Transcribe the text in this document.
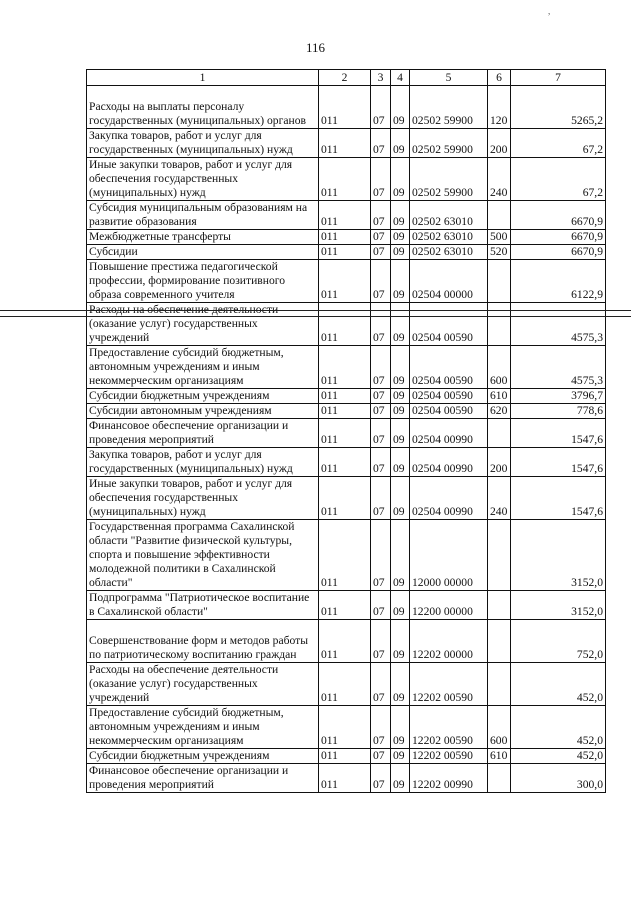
,
116
1	2	3	4	5	6	7
Расходы на выплаты персоналу государственных (муниципальных) органов	011	07	09	02502 59900	120	5265,2
Закупка товаров, работ и услуг для государственных (муниципальных) нужд	011	07	09	02502 59900	200	67,2
Иные закупки товаров, работ и услуг для обеспечения государственных (муниципальных) нужд	011	07	09	02502 59900	240	67,2
Субсидия муниципальным образованиям на развитие образования	011	07	09	02502 63010		6670,9
Межбюджетные трансферты	011	07	09	02502 63010	500	6670,9
Субсидии	011	07	09	02502 63010	520	6670,9
Повышение престижа педагогической профессии, формирование позитивного образа современного учителя	011	07	09	02504 00000		6122,9
Расходы на обеспечение деятельности (оказание услуг) государственных учреждений	011	07	09	02504 00590		4575,3
Предоставление субсидий бюджетным, автономным учреждениям и иным некоммерческим организациям	011	07	09	02504 00590	600	4575,3
Субсидии бюджетным учреждениям	011	07	09	02504 00590	610	3796,7
Субсидии автономным учреждениям	011	07	09	02504 00590	620	778,6
Финансовое обеспечение организации и проведения мероприятий	011	07	09	02504 00990		1547,6
Закупка товаров, работ и услуг для государственных (муниципальных) нужд	011	07	09	02504 00990	200	1547,6
Иные закупки товаров, работ и услуг для обеспечения государственных (муниципальных) нужд	011	07	09	02504 00990	240	1547,6
Государственная программа Сахалинской области "Развитие физической культуры, спорта и повышение эффективности молодежной политики в Сахалинской области"	011	07	09	12000 00000		3152,0
Подпрограмма "Патриотическое воспитание в Сахалинской области"	011	07	09	12200 00000		3152,0
Совершенствование форм и методов работы по патриотическому воспитанию граждан	011	07	09	12202 00000		752,0
Расходы на обеспечение деятельности (оказание услуг) государственных учреждений	011	07	09	12202 00590		452,0
Предоставление субсидий бюджетным, автономным учреждениям и иным некоммерческим организациям	011	07	09	12202 00590	600	452,0
Субсидии бюджетным учреждениям	011	07	09	12202 00590	610	452,0
Финансовое обеспечение организации и проведения мероприятий	011	07	09	12202 00990		300,0
